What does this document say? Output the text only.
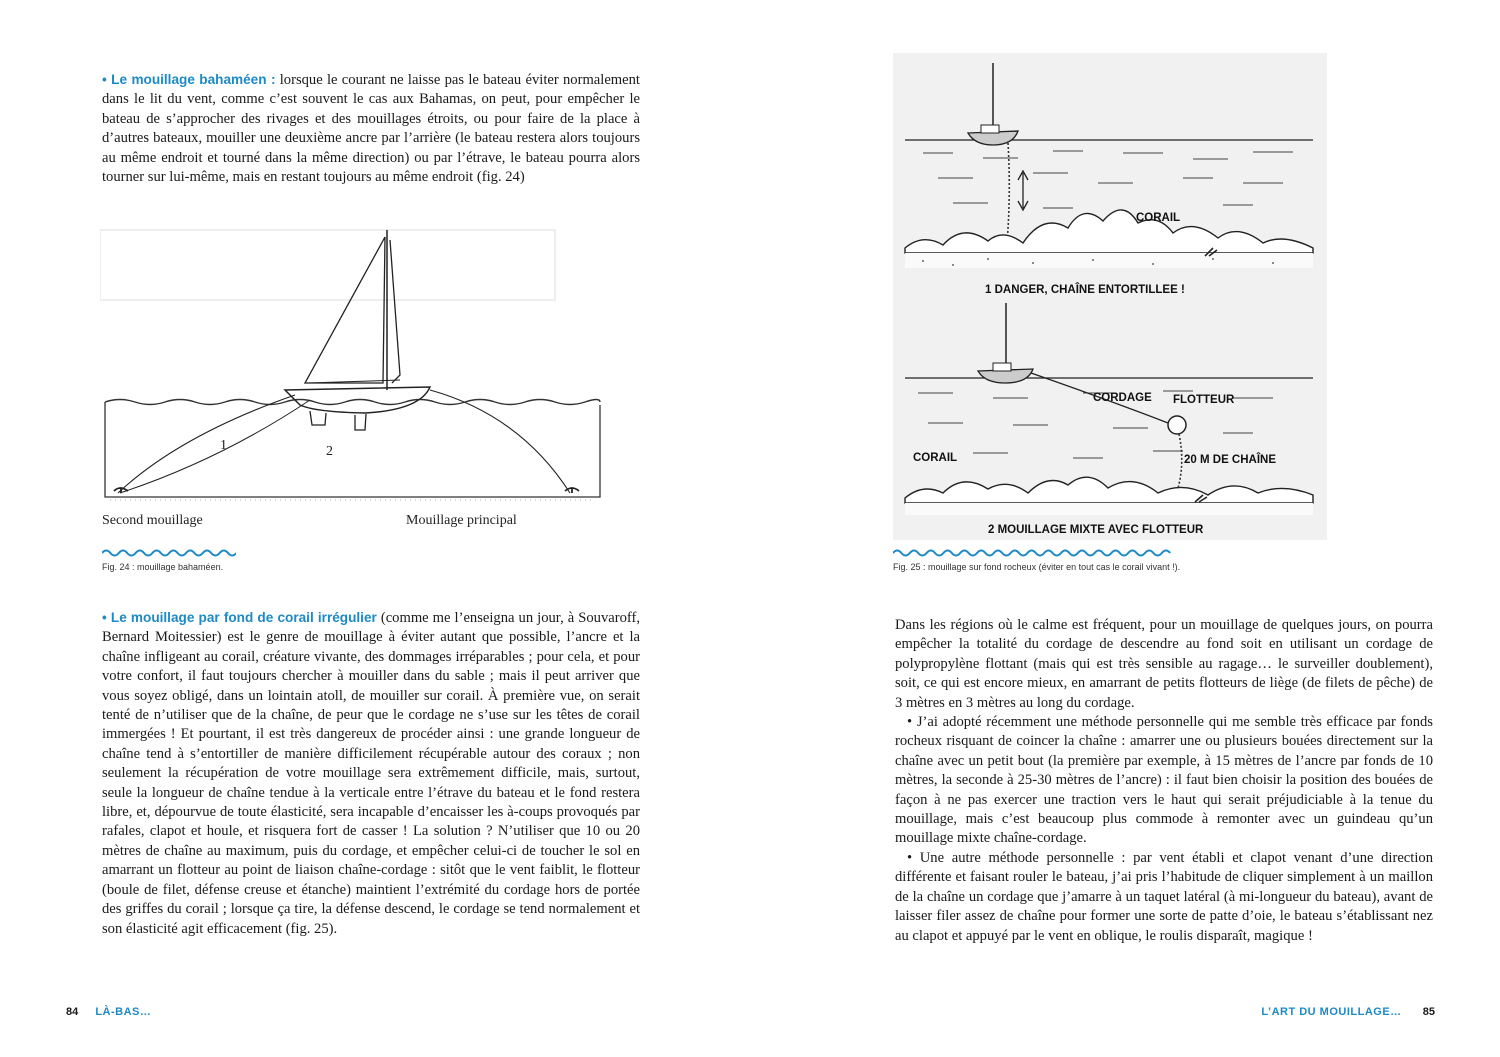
• Le mouillage bahaméen : lorsque le courant ne laisse pas le bateau éviter normalement dans le lit du vent, comme c’est souvent le cas aux Bahamas, on peut, pour empêcher le bateau de s’approcher des rivages et des mouillages étroits, ou pour faire de la place à d’autres bateaux, mouiller une deuxième ancre par l’arrière (le bateau restera alors toujours au même endroit et tourné dans la même direction) ou par l’étrave, le bateau pourra alors tourner sur lui-même, mais en restant toujours au même endroit (fig. 24)

1	2
Second mouillage	Mouillage principal
Fig. 24 : mouillage bahaméen.

• Le mouillage par fond de corail irrégulier (comme me l’enseigna un jour, à Souvaroff, Bernard Moitessier) est le genre de mouillage à éviter autant que possible, l’ancre et la chaîne infligeant au corail, créature vivante, des dommages irréparables ; pour cela, et pour votre confort, il faut toujours chercher à mouiller dans du sable ; mais il peut arriver que vous soyez obligé, dans un lointain atoll, de mouiller sur corail. À première vue, on serait tenté de n’utiliser que de la chaîne, de peur que le cordage ne s’use sur les têtes de corail immergées ! Et pourtant, il est très dangereux de procéder ainsi : une grande longueur de chaîne tend à s’entortiller de manière difficilement récupérable autour des coraux ; non seulement la récupération de votre mouillage sera extrêmement difficile, mais, surtout, seule la longueur de chaîne tendue à la verticale entre l’étrave du bateau et le fond restera libre, et, dépourvue de toute élasticité, sera incapable d’encaisser les à-coups provoqués par rafales, clapot et houle, et risquera fort de casser ! La solution ? N’utiliser que 10 ou 20 mètres de chaîne au maximum, puis du cordage, et empêcher celui-ci de toucher le sol en amarrant un flotteur au point de liaison chaîne-cordage : sitôt que le vent faiblit, le flotteur (boule de filet, défense creuse et étanche) maintient l’extrémité du cordage hors de portée des griffes du corail ; lorsque ça tire, la défense descend, le cordage se tend normalement et son élasticité agit efficacement (fig. 25).

84 LÀ-BAS…
CORAIL
1 DANGER, CHAÎNE ENTORTILLEE !
CORDAGE FLOTTEUR
CORAIL	20 M DE CHAÎNE
2 MOUILLAGE MIXTE AVEC FLOTTEUR
Fig. 25 : mouillage sur fond rocheux (éviter en tout cas le corail vivant !).

Dans les régions où le calme est fréquent, pour un mouillage de quelques jours, on pourra empêcher la totalité du cordage de descendre au fond soit en utilisant un cordage de polypropylène flottant (mais qui est très sensible au ragage… le surveiller doublement), soit, ce qui est encore mieux, en amarrant de petits flotteurs de liège (de filets de pêche) de 3 mètres en 3 mètres au long du cordage.

• J’ai adopté récemment une méthode personnelle qui me semble très efficace par fonds rocheux risquant de coincer la chaîne : amarrer une ou plusieurs bouées directement sur la chaîne avec un petit bout (la première par exemple, à 15 mètres de l’ancre par fonds de 10 mètres, la seconde à 25-30 mètres de l’ancre) : il faut bien choisir la position des bouées de façon à ne pas exercer une traction vers le haut qui serait préjudiciable à la tenue du mouillage, mais c’est beaucoup plus commode à remonter avec un guindeau qu’un mouillage mixte chaîne-cordage.

• Une autre méthode personnelle : par vent établi et clapot venant d’une direction différente et faisant rouler le bateau, j’ai pris l’habitude de cliquer simplement à un maillon de la chaîne un cordage que j’amarre à un taquet latéral (à mi-longueur du bateau), avant de laisser filer assez de chaîne pour former une sorte de patte d’oie, le bateau s’établissant nez au clapot et appuyé par le vent en oblique, le roulis disparaît, magique !

L’ART DU MOUILLAGE… 85
